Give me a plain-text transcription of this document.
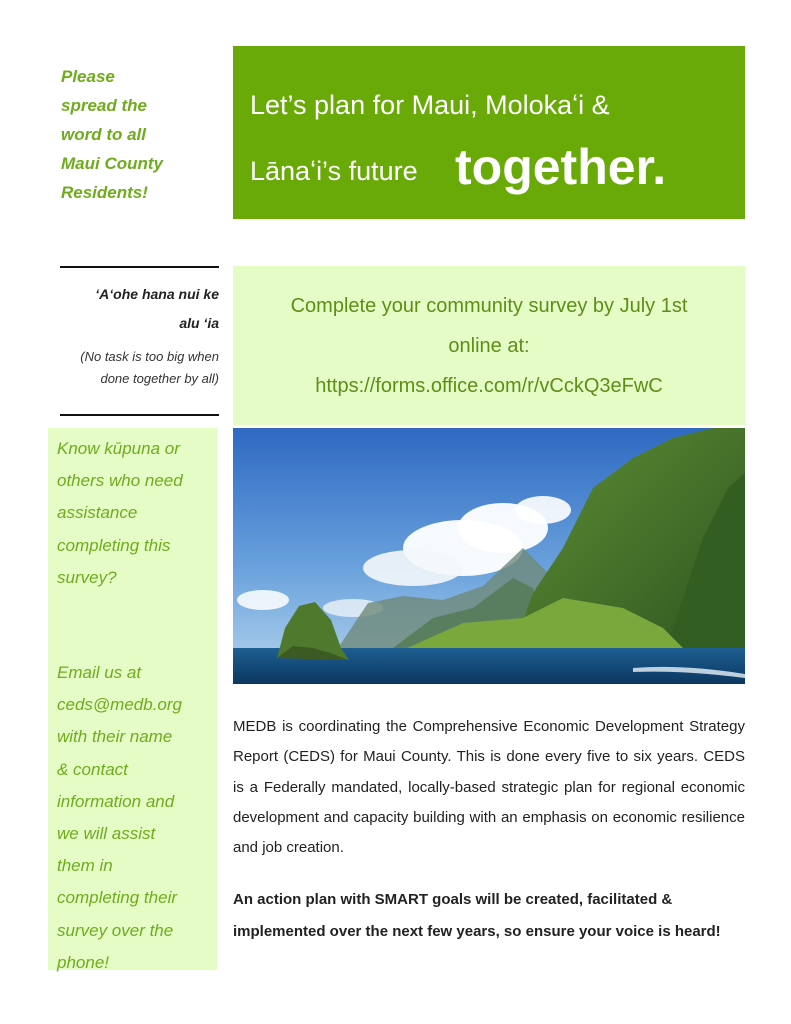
Please
spread the
word to all
Maui County
Residents!
Let’s plan for Maui, Molokaʻi &
Lānaʻi’s future together.
‘A‘ohe hana nui ke
alu ‘ia
(No task is too big when
done together by all)
Complete your community survey by July 1st
online at:
https://forms.office.com/r/vCckQ3eFwC
Know kūpuna or
others who need
assistance
completing this
survey?
Email us at
ceds@medb.org
with their name
& contact
information and
we will assist
them in
completing their
survey over the
phone!
MEDB is coordinating the Comprehensive Economic Development Strategy Report (CEDS) for Maui County. This is done every five to six years. CEDS is a Federally mandated, locally-based strategic plan for regional economic development and capacity building with an emphasis on economic resilience and job creation.
An action plan with SMART goals will be created, facilitated & implemented over the next few years, so ensure your voice is heard!
